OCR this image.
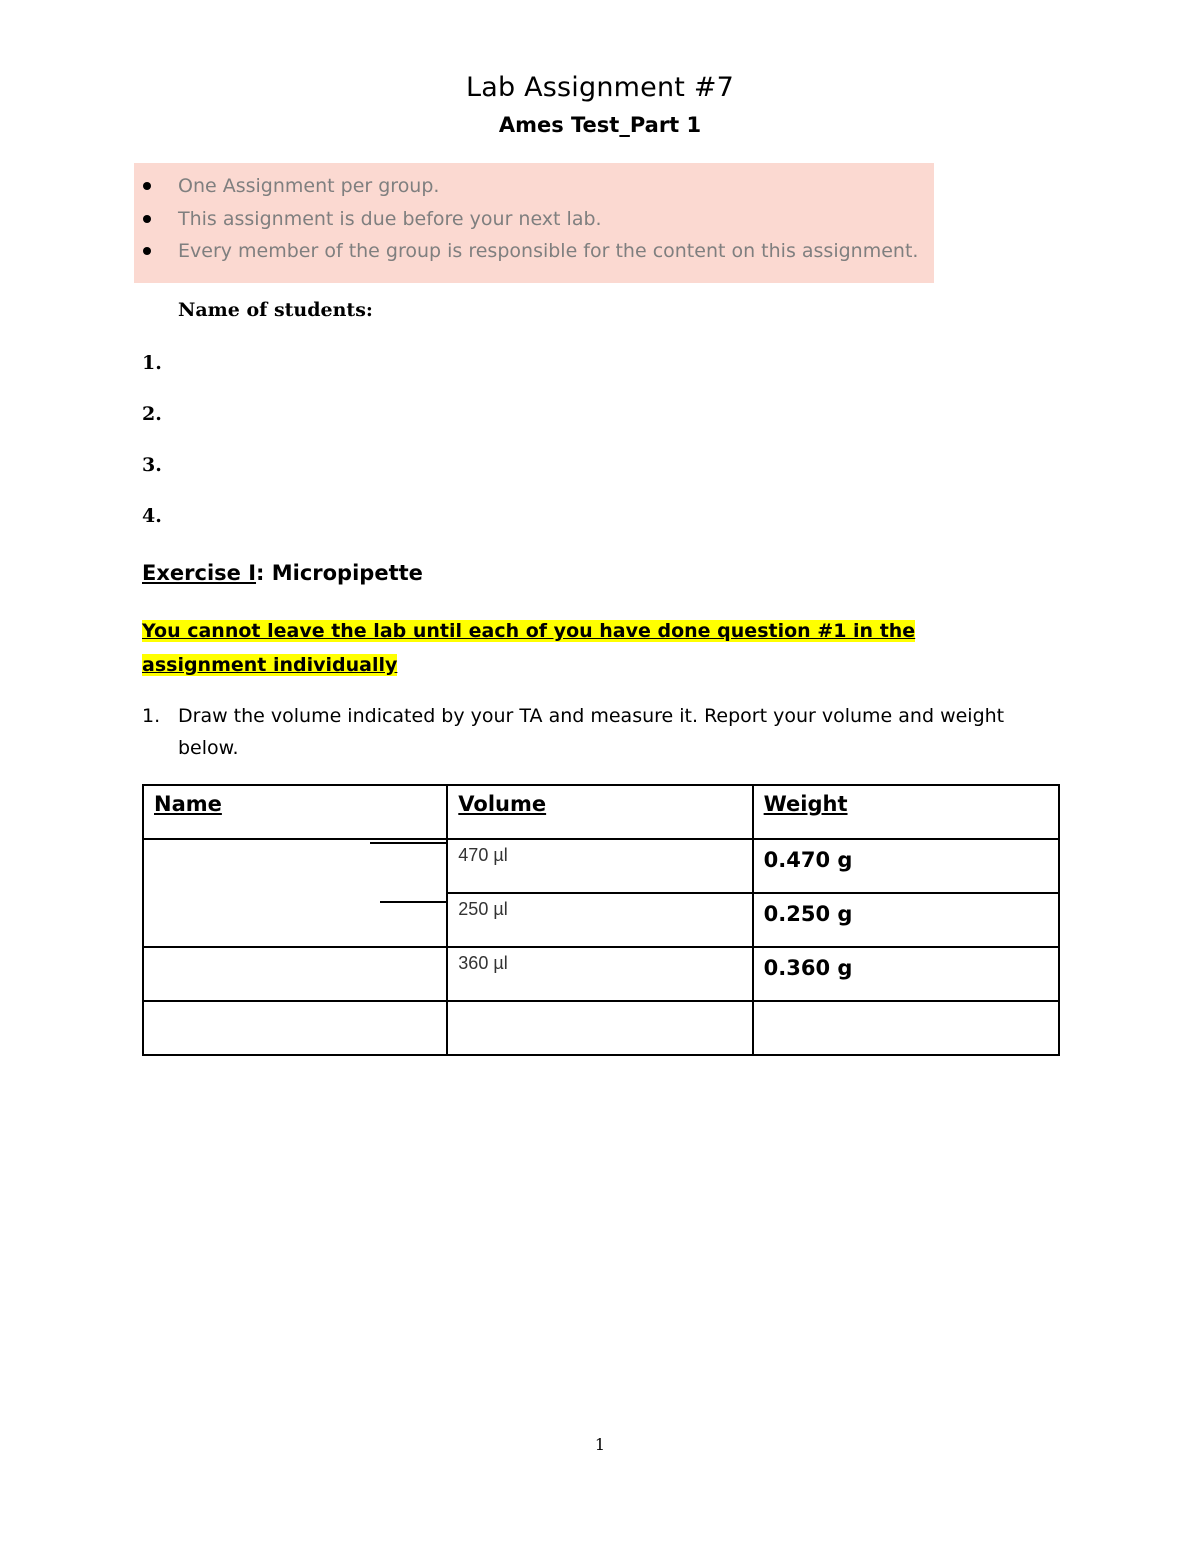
Lab Assignment #7
Ames Test_Part 1
One Assignment per group.
This assignment is due before your next lab.
Every member of the group is responsible for the content on this assignment.
Name of students:
1.
2.
3.
4.
Exercise I: Micropipette
You cannot leave the lab until each of you have done question #1 in the assignment individually
1. Draw the volume indicated by your TA and measure it. Report your volume and weight below.
Name	Volume	Weight

	470 µl	0.470 g

	250 µl	0.250 g

	360 µl	0.360 g

1
